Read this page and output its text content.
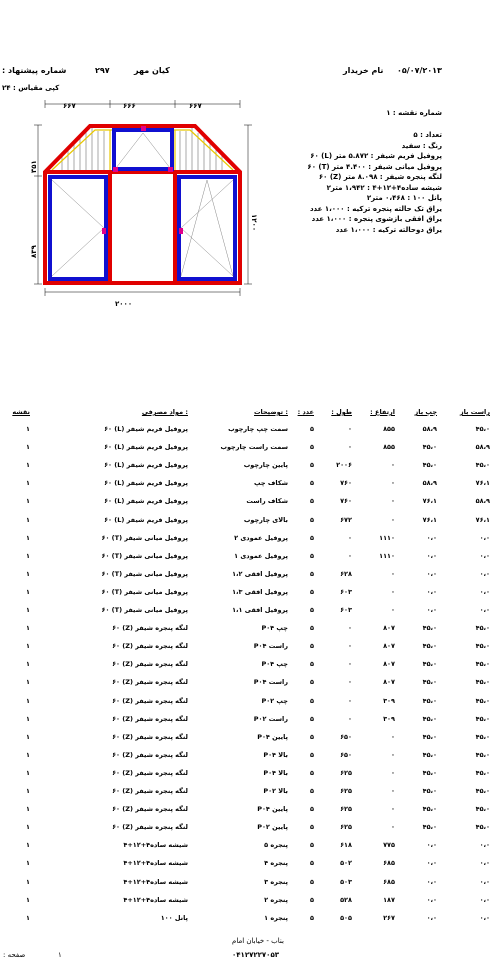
۰۵/۰۷/۲۰۱۳
نام خریدار
کیان مهر
۲۹۷
: شماره پیشنهاد
کپی مقیاس : ۲۴
۶۶۷	۶۶۶	۶۶۷
۳۵۱
۸۳۹
۱۲۰۰
۲۰۰۰
شماره نقشه : ۱
تعداد : ۵
رنگ : سفید
پروفیل فریم شیفر : ۵.۸۷۲ متر (L) ۶۰
پروفیل میانی شیفر : ۴.۴۰۰ متر (T) ۶۰
لنگه پنجره شیفر : ۸.۰۹۸ متر (Z) ۶۰
شیشه ساده۴+۱۲+۴ : ۱،۹۴۲ متر۲
پانل ۱۰۰ : ۰،۴۶۸ متر۲
یراق تک حالته پنجره ترکیه : ۱،۰۰۰ عدد
یراق افقی بازشوی پنجره : ۱،۰۰۰ عدد
یراق دوحالته ترکیه : ۱،۰۰۰ عدد
راست باز
چپ باز
: ارتفاع
: طول
: عدد
: توضیحات
: مواد مصرفی
نقشه
۴۵،۰
۵۸،۹
۸۵۵
۰
۵
سمت چپ چارچوب
پروفیل فریم شیفر (L) ۶۰
۱
۵۸،۹
۴۵،۰
۸۵۵
۰
۵
سمت راست چارچوب
پروفیل فریم شیفر (L) ۶۰
۱
۴۵،۰
۴۵،۰
۰
۲۰۰۶
۵
پایین چارچوب
پروفیل فریم شیفر (L) ۶۰
۱
۷۶،۱
۵۸،۹
۰
۷۶۰
۵
شکاف چپ
پروفیل فریم شیفر (L) ۶۰
۱
۵۸،۹
۷۶،۱
۰
۷۶۰
۵
شکاف راست
پروفیل فریم شیفر (L) ۶۰
۱
۷۶،۱
۷۶،۱
۰
۶۷۲
۵
بالای چارچوب
پروفیل فریم شیفر (L) ۶۰
۱
۰،۰
۰،۰
۱۱۱۰
۰
۵
پروفیل عمودی ۲
پروفیل میانی شیفر (T) ۶۰
۱
۰،۰
۰،۰
۱۱۱۰
۰
۵
پروفیل عمودی ۱
پروفیل میانی شیفر (T) ۶۰
۱
۰،۰
۰،۰
۰
۶۲۸
۵
پروفیل افقی ۱،۲
پروفیل میانی شیفر (T) ۶۰
۱
۰،۰
۰،۰
۰
۶۰۳
۵
پروفیل افقی ۱،۳
پروفیل میانی شیفر (T) ۶۰
۱
۰،۰
۰،۰
۰
۶۰۳
۵
پروفیل افقی ۱،۱
پروفیل میانی شیفر (T) ۶۰
۱
۴۵،۰
۴۵،۰
۸۰۷
۰
۵
چپ P۰۴
لنگه پنجره شیفر (Z) ۶۰
۱
۴۵،۰
۴۵،۰
۸۰۷
۰
۵
راست P۰۴
لنگه پنجره شیفر (Z) ۶۰
۱
۴۵،۰
۴۵،۰
۸۰۷
۰
۵
چپ P۰۴
لنگه پنجره شیفر (Z) ۶۰
۱
۴۵،۰
۴۵،۰
۸۰۷
۰
۵
راست P۰۴
لنگه پنجره شیفر (Z) ۶۰
۱
۴۵،۰
۴۵،۰
۳۰۹
۰
۵
چپ P۰۲
لنگه پنجره شیفر (Z) ۶۰
۱
۴۵،۰
۴۵،۰
۳۰۹
۰
۵
راست P۰۲
لنگه پنجره شیفر (Z) ۶۰
۱
۴۵،۰
۴۵،۰
۰
۶۵۰
۵
پایین P۰۴
لنگه پنجره شیفر (Z) ۶۰
۱
۴۵،۰
۴۵،۰
۰
۶۵۰
۵
بالا P۰۴
لنگه پنجره شیفر (Z) ۶۰
۱
۴۵،۰
۴۵،۰
۰
۶۲۵
۵
بالا P۰۴
لنگه پنجره شیفر (Z) ۶۰
۱
۴۵،۰
۴۵،۰
۰
۶۲۵
۵
بالا P۰۲
لنگه پنجره شیفر (Z) ۶۰
۱
۴۵،۰
۴۵،۰
۰
۶۲۵
۵
پایین P۰۴
لنگه پنجره شیفر (Z) ۶۰
۱
۴۵،۰
۴۵،۰
۰
۶۲۵
۵
پایین P۰۲
لنگه پنجره شیفر (Z) ۶۰
۱
۰،۰
۰،۰
۷۷۵
۶۱۸
۵
پنجره ۵
شیشه ساده۴+۱۲+۴
۱
۰،۰
۰،۰
۶۸۵
۵۰۲
۵
پنجره ۴
شیشه ساده۴+۱۲+۴
۱
۰،۰
۰،۰
۶۸۵
۵۰۳
۵
پنجره ۳
شیشه ساده۴+۱۲+۴
۱
۰،۰
۰،۰
۱۸۷
۵۲۸
۵
پنجره ۲
شیشه ساده۴+۱۲+۴
۱
۰،۰
۰،۰
۲۶۷
۵۰۵
۵
پنجره ۱
پانل ۱۰۰
۱
بناب - خیابان امام
۰۴۱۲۷۲۲۷۰۵۳
۱
: صفحه
